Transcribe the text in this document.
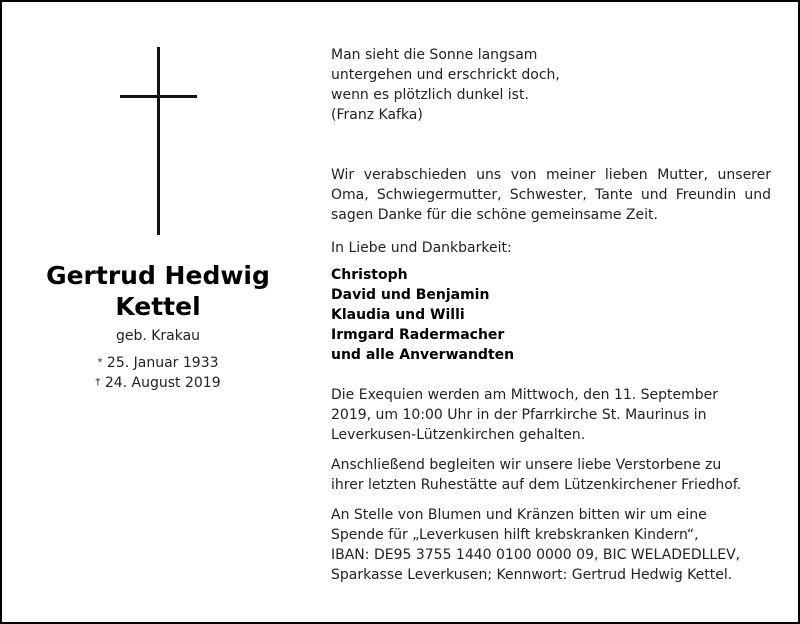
Gertrud Hedwig
Kettel
geb. Krakau
* 25. Januar 1933
† 24. August 2019
Man sieht die Sonne langsam
untergehen und erschrickt doch,
wenn es plötzlich dunkel ist.
(Franz Kafka)
Wir verabschieden uns von meiner lieben Mutter, unserer
Oma, Schwiegermutter, Schwester, Tante und Freundin und
sagen Danke für die schöne gemeinsame Zeit.
In Liebe und Dankbarkeit:
Christoph
David und Benjamin
Klaudia und Willi
Irmgard Radermacher
und alle Anverwandten
Die Exequien werden am Mittwoch, den 11. September
2019, um 10:00 Uhr in der Pfarrkirche St. Maurinus in
Leverkusen-Lützenkirchen gehalten.
Anschließend begleiten wir unsere liebe Verstorbene zu
ihrer letzten Ruhestätte auf dem Lützenkirchener Friedhof.
An Stelle von Blumen und Kränzen bitten wir um eine
Spende für „Leverkusen hilft krebskranken Kindern“,
IBAN: DE95 3755 1440 0100 0000 09, BIC WELADEDLLEV,
Sparkasse Leverkusen; Kennwort: Gertrud Hedwig Kettel.
